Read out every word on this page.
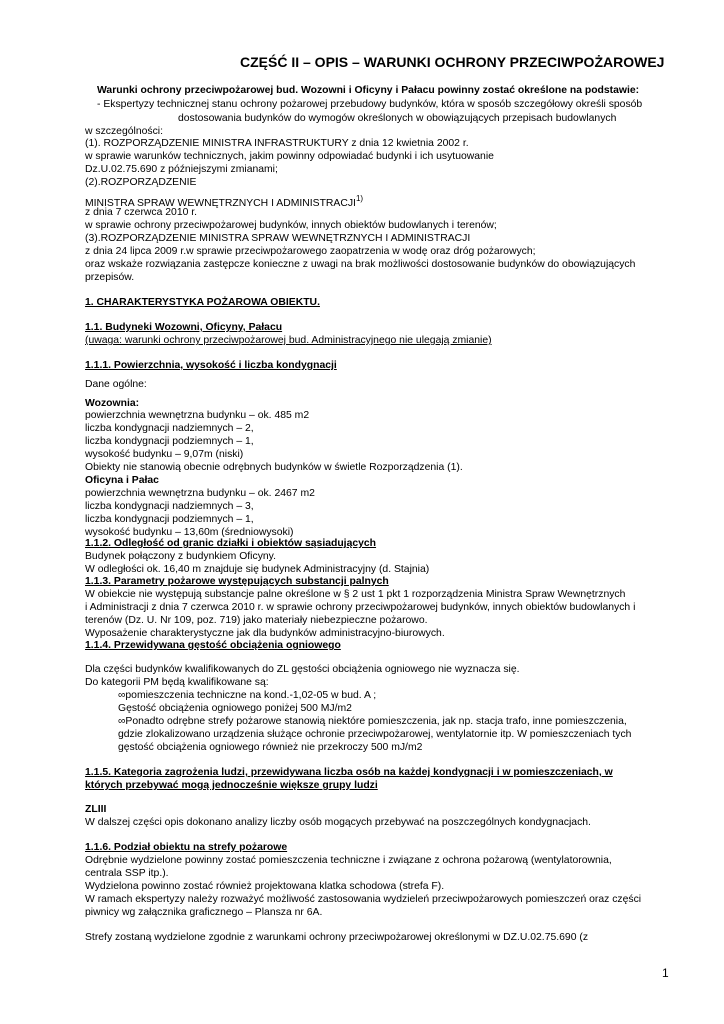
CZĘŚĆ II – OPIS – WARUNKI OCHRONY PRZECIWPOŻAROWEJ
Warunki ochrony przeciwpożarowej bud. Wozowni i Oficyny i Pałacu powinny zostać określone na podstawie:
- Ekspertyzy technicznej stanu ochrony pożarowej przebudowy budynków, która w sposób szczegółowy określi sposób
dostosowania budynków do wymogów określonych w obowiązujących przepisach budowlanych
w szczególności:
(1). ROZPORZĄDZENIE MINISTRA INFRASTRUKTURY z dnia 12 kwietnia 2002 r.
w sprawie warunków technicznych, jakim powinny odpowiadać budynki i ich usytuowanie
Dz.U.02.75.690 z późniejszymi zmianami;
(2).ROZPORZĄDZENIE
MINISTRA SPRAW WEWNĘTRZNYCH I ADMINISTRACJI$^{1)}$
z dnia 7 czerwca 2010 r.
w sprawie ochrony przeciwpożarowej budynków, innych obiektów budowlanych i terenów;
(3).ROZPORZĄDZENIE MINISTRA SPRAW WEWNĘTRZNYCH I ADMINISTRACJI
z dnia 24 lipca 2009 r.w sprawie przeciwpożarowego zaopatrzenia w wodę oraz dróg pożarowych;
oraz wskaże rozwiązania zastępcze konieczne z uwagi na brak możliwości dostosowanie budynków do obowiązujących
przepisów.
1. CHARAKTERYSTYKA POŻAROWA OBIEKTU.
1.1. Budyneki Wozowni, Oficyny, Pałacu
(uwaga: warunki ochrony przeciwpożarowej bud. Administracyjnego nie ulegają zmianie)
1.1.1. Powierzchnia, wysokość i liczba kondygnacji
Dane ogólne:
Wozownia:
powierzchnia wewnętrzna budynku – ok. 485 m2
liczba kondygnacji nadziemnych – 2,
liczba kondygnacji podziemnych – 1,
wysokość budynku – 9,07m (niski)
Obiekty nie stanowią obecnie odrębnych budynków w świetle Rozporządzenia (1).
Oficyna i Pałac
powierzchnia wewnętrzna budynku – ok. 2467 m2
liczba kondygnacji nadziemnych – 3,
liczba kondygnacji podziemnych – 1,
wysokość budynku – 13,60m (średniowysoki)
1.1.2. Odległość od granic działki i obiektów sąsiadujących
Budynek połączony z budynkiem Oficyny.
W odległości ok. 16,40 m znajduje się budynek Administracyjny (d. Stajnia)
1.1.3. Parametry pożarowe występujących substancji palnych
W obiekcie nie występują substancje palne określone w § 2 ust 1 pkt 1 rozporządzenia Ministra Spraw Wewnętrznych
i Administracji z dnia 7 czerwca 2010 r. w sprawie ochrony przeciwpożarowej budynków, innych obiektów budowlanych i
terenów (Dz. U. Nr 109, poz. 719) jako materiały niebezpieczne pożarowo.
Wyposażenie charakterystyczne jak dla budynków administracyjno-biurowych.
1.1.4. Przewidywana gęstość obciążenia ogniowego
Dla części budynków kwalifikowanych do ZL gęstości obciążenia ogniowego nie wyznacza się.
Do kategorii PM będą kwalifikowane są:
∞pomieszczenia techniczne na kond.-1,02-05 w bud. A ;
Gęstość obciążenia ogniowego poniżej 500 MJ/m2
∞Ponadto odrębne strefy pożarowe stanowią niektóre pomieszczenia, jak np. stacja trafo, inne pomieszczenia,
gdzie zlokalizowano urządzenia służące ochronie przeciwpożarowej, wentylatornie itp. W pomieszczeniach tych
gęstość obciążenia ogniowego również nie przekroczy 500 mJ/m2
1.1.5. Kategoria zagrożenia ludzi, przewidywana liczba osób na każdej kondygnacji i w pomieszczeniach, w
których przebywać mogą jednocześnie większe grupy ludzi
ZLIII
W dalszej części opis dokonano analizy liczby osób mogących przebywać na poszczególnych kondygnacjach.
1.1.6. Podział obiektu na strefy pożarowe
Odrębnie wydzielone powinny zostać pomieszczenia techniczne i związane z ochrona pożarową (wentylatorownia,
centrala SSP itp.).
Wydzielona powinno zostać również projektowana klatka schodowa (strefa F).
W ramach ekspertyzy należy rozważyć możliwość zastosowania wydzieleń przeciwpożarowych pomieszczeń oraz części
piwnicy wg załącznika graficznego – Plansza nr 6A.
Strefy zostaną wydzielone zgodnie z warunkami ochrony przeciwpożarowej określonymi w DZ.U.02.75.690 (z
1
